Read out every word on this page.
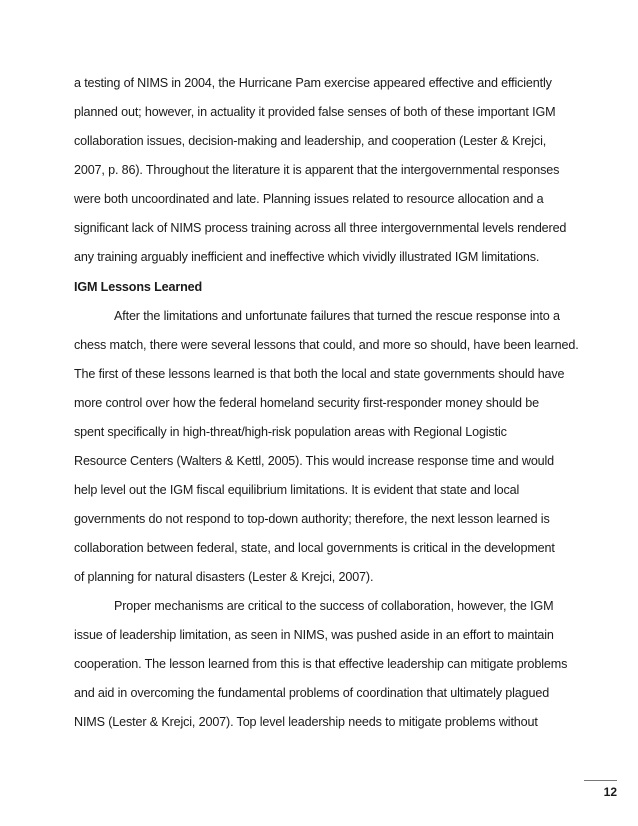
a testing of NIMS in 2004, the Hurricane Pam exercise appeared effective and efficiently
planned out; however, in actuality it provided false senses of both of these important IGM
collaboration issues, decision-making and leadership, and cooperation (Lester & Krejci,
2007, p. 86). Throughout the literature it is apparent that the intergovernmental responses
were both uncoordinated and late. Planning issues related to resource allocation and a
significant lack of NIMS process training across all three intergovernmental levels rendered
any training arguably inefficient and ineffective which vividly illustrated IGM limitations.
IGM Lessons Learned
After the limitations and unfortunate failures that turned the rescue response into a
chess match, there were several lessons that could, and more so should, have been learned.
The first of these lessons learned is that both the local and state governments should have
more control over how the federal homeland security first-responder money should be
spent specifically in high-threat/high-risk population areas with Regional Logistic
Resource Centers (Walters & Kettl, 2005). This would increase response time and would
help level out the IGM fiscal equilibrium limitations. It is evident that state and local
governments do not respond to top-down authority; therefore, the next lesson learned is
collaboration between federal, state, and local governments is critical in the development
of planning for natural disasters (Lester & Krejci, 2007).
Proper mechanisms are critical to the success of collaboration, however, the IGM
issue of leadership limitation, as seen in NIMS, was pushed aside in an effort to maintain
cooperation. The lesson learned from this is that effective leadership can mitigate problems
and aid in overcoming the fundamental problems of coordination that ultimately plagued
NIMS (Lester & Krejci, 2007). Top level leadership needs to mitigate problems without
12
